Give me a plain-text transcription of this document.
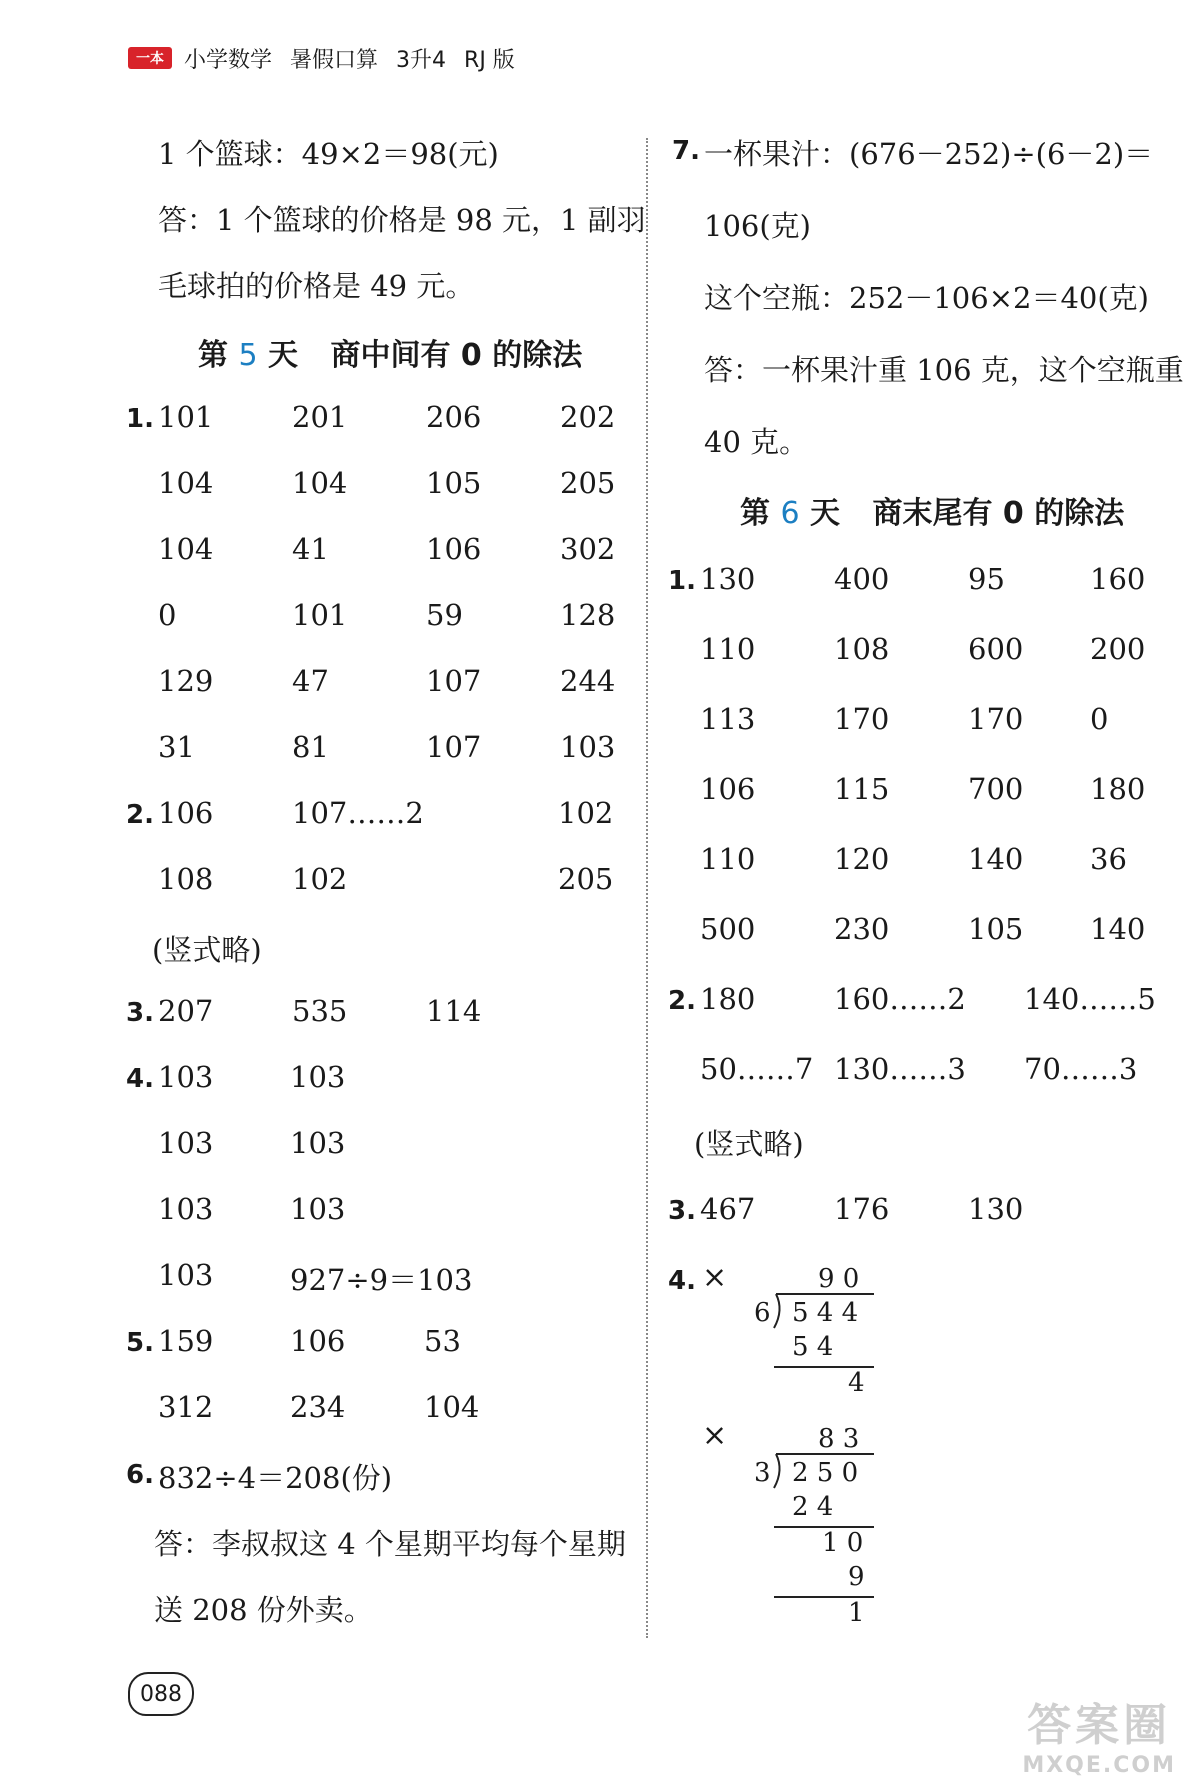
一本 小学数学 暑假口算 3升4 RJ 版
1 个篮球：49×2＝98(元)
答：1 个篮球的价格是 98 元，1 副羽
毛球拍的价格是 49 元。
第 5 天 商中间有 0 的除法
1. 101	201	206	202
104	104	105	205
104	41	106	302
0	101	59	128
129	47	107	244
31	81	107	103
2. 106	107……2	102
108	102	205
(竖式略)
3. 207	535	114
4. 103	103
103	103
103	103
103	927÷9＝103
5. 159	106	53
312	234	104
6. 832÷4＝208(份)
答：李叔叔这 4 个星期平均每个星期
送 208 份外卖。
7. 一杯果汁：(676－252)÷(6－2)＝
106(克)
这个空瓶：252－106×2＝40(克)
答：一杯果汁重 106 克，这个空瓶重
40 克。
第 6 天 商末尾有 0 的除法
1. 130	400	95	160
110	108	600 200
113	170	170 0
106	115	700 180
110	120	140 36
500	230	105 140
2. 180	160……2 140……5
50……7 130……3 70……3
(竖式略)
3. 467	176	130
4. ×	9 0
6 5 4 4
5 4
4
×	8 3
3 2 5 0
2 4
1 0
9
1
088
答案圈
MXQE.COM
